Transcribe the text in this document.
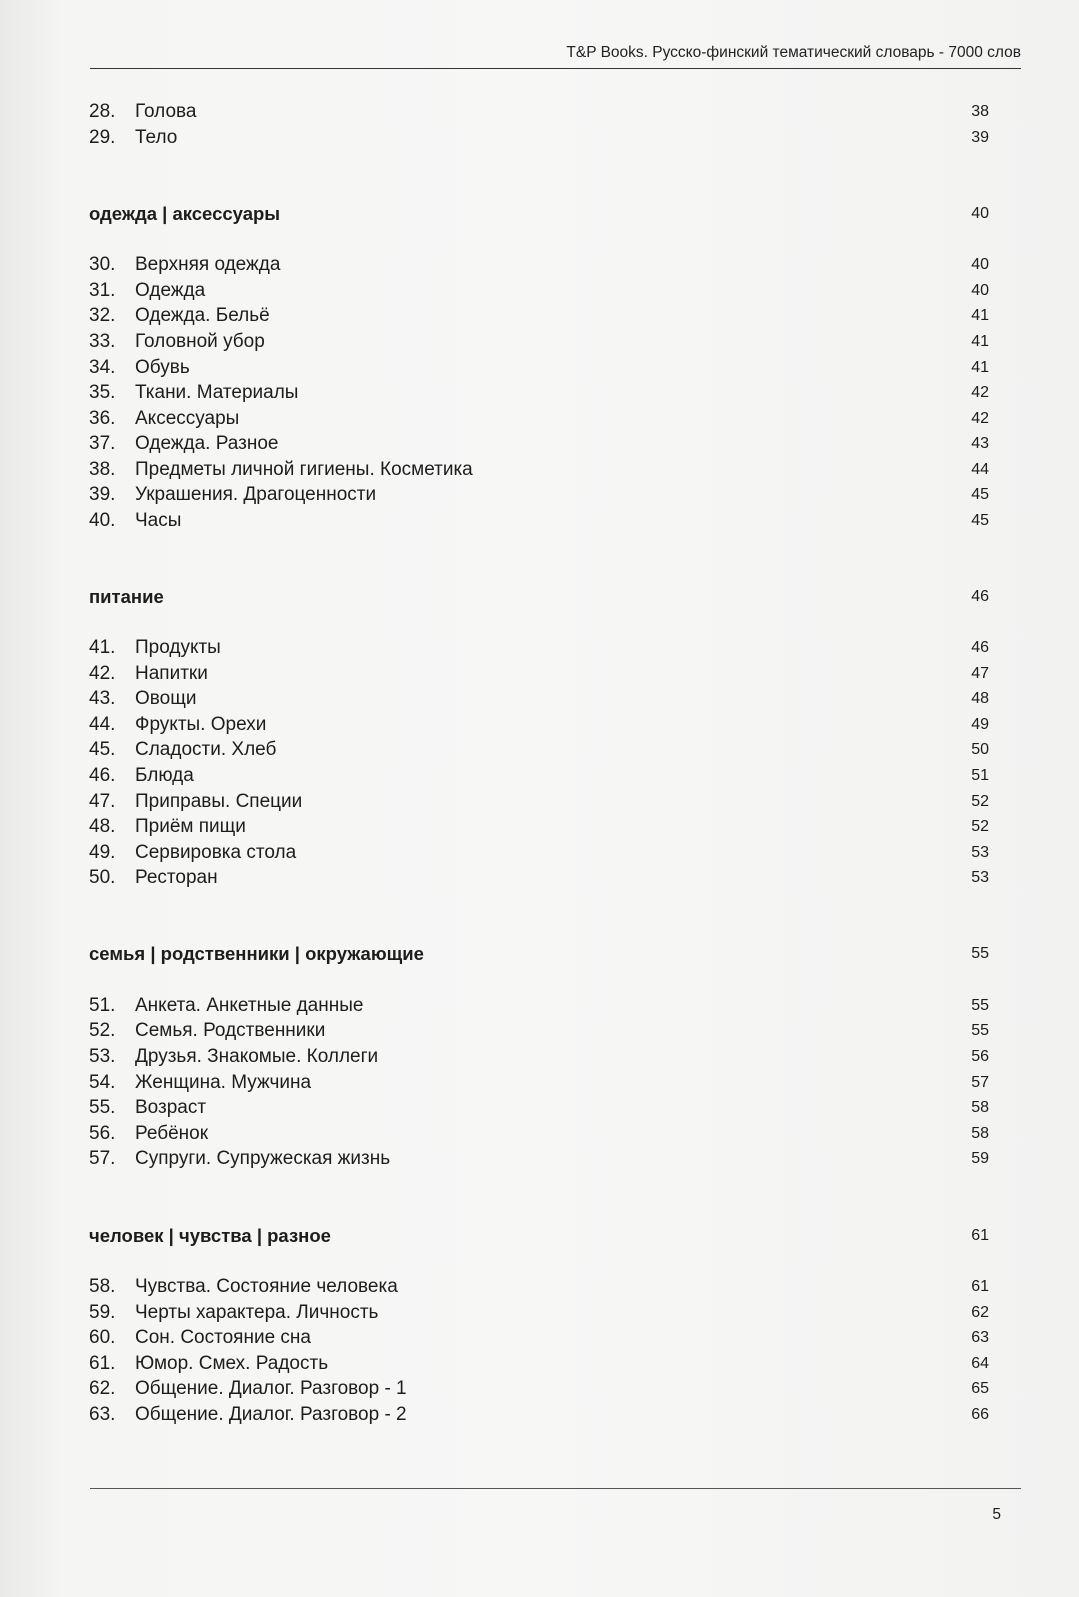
T&P Books. Русско-финский тематический словарь - 7000 слов
28.	Голова	38
29.	Тело	39
одежда | аксессуары	40
30.	Верхняя одежда	40
31.	Одежда	40
32.	Одежда. Бельё	41
33.	Головной убор	41
34.	Обувь	41
35.	Ткани. Материалы	42
36.	Аксессуары	42
37.	Одежда. Разное	43
38.	Предметы личной гигиены. Косметика	44
39.	Украшения. Драгоценности	45
40.	Часы	45
питание	46
41.	Продукты	46
42.	Напитки	47
43.	Овощи	48
44.	Фрукты. Орехи	49
45.	Сладости. Хлеб	50
46.	Блюда	51
47.	Приправы. Специи	52
48.	Приём пищи	52
49.	Сервировка стола	53
50.	Ресторан	53
семья | родственники | окружающие	55
51.	Анкета. Анкетные данные	55
52.	Семья. Родственники	55
53.	Друзья. Знакомые. Коллеги	56
54.	Женщина. Мужчина	57
55.	Возраст	58
56.	Ребёнок	58
57.	Супруги. Супружеская жизнь	59
человек | чувства | разное	61
58.	Чувства. Состояние человека	61
59.	Черты характера. Личность	62
60.	Сон. Состояние сна	63
61.	Юмор. Смех. Радость	64
62.	Общение. Диалог. Разговор - 1	65
63.	Общение. Диалог. Разговор - 2	66
5
